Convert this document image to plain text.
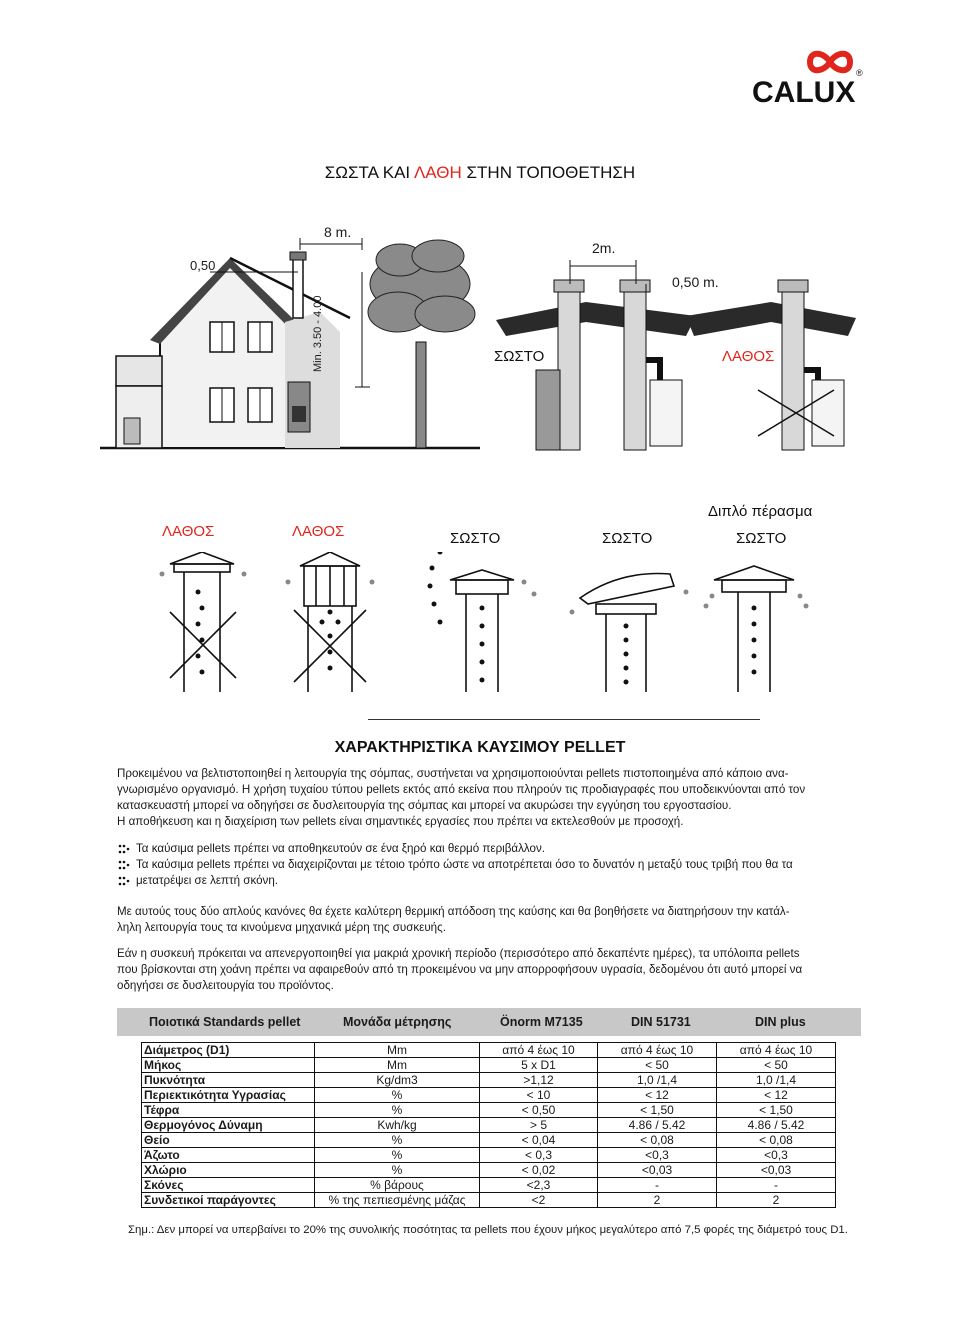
CALUX
®
ΣΩΣΤΑ ΚΑΙ ΛΑΘΗ ΣΤΗΝ ΤΟΠΟΘΕΤΗΣΗ
8 m.
0,50
Min. 3.50 - 4.00
2m.
0,50 m.
ΣΩΣΤΟ	ΛΑΘΟΣ
Διπλό πέρασμα
ΛΑΘΟΣ	ΛΑΘΟΣ	ΣΩΣΤΟ	ΣΩΣΤΟ	ΣΩΣΤΟ
ΧΑΡΑΚΤΗΡΙΣΤΙΚΑ ΚΑΥΣΙΜΟΥ PELLET
Προκειμένου να βελτιστοποιηθεί η λειτουργία της σόμπας, συστήνεται να χρησιμοποιούνται pellets πιστοποιημένα από κάποιο ανα-
γνωρισμένο οργανισμό. Η χρήση τυχαίου τύπου pellets εκτός από εκείνα που πληρούν τις προδιαγραφές που υποδεικνύονται από τον
κατασκευαστή μπορεί να οδηγήσει σε δυσλειτουργία της σόμπας και μπορεί να ακυρώσει την εγγύηση του εργοστασίου.
Η αποθήκευση και η διαχείριση των pellets είναι σημαντικές εργασίες που πρέπει να εκτελεσθούν με προσοχή.
Τα καύσιμα pellets πρέπει να αποθηκευτούν σε ένα ξηρό και θερμό περιβάλλον.
Τα καύσιμα pellets πρέπει να διαχειρίζονται με τέτοιο τρόπο ώστε να αποτρέπεται όσο το δυνατόν η μεταξύ τους τριβή που θα τα
μετατρέψει σε λεπτή σκόνη.
Με αυτούς τους δύο απλούς κανόνες θα έχετε καλύτερη θερμική απόδοση της καύσης και θα βοηθήσετε να διατηρήσουν την κατάλ-
ληλη λειτουργία τους τα κινούμενα μηχανικά μέρη της συσκευής.
Εάν η συσκευή πρόκειται να απενεργοποιηθεί για μακριά χρονική περίοδο (περισσότερο από δεκαπέντε ημέρες), τα υπόλοιπα pellets
που βρίσκονται στη χοάνη πρέπει να αφαιρεθούν από τη προκειμένου να μην απορροφήσουν υγρασία, δεδομένου ότι αυτό μπορεί να
οδηγήσει σε δυσλειτουργία του προϊόντος.
Ποιοτικά Standards pellet	Μονάδα μέτρησης	Önorm M7135	DIN 51731	DIN plus
Διάμετρος (D1)	Mm	από 4 έως 10	από 4 έως 10	από 4 έως 10
Μήκος	Mm	5 x D1	< 50	< 50
Πυκνότητα	Kg/dm3	>1,12	1,0 /1,4	1,0 /1,4
Περιεκτικότητα Υγρασίας	%	< 10	< 12	< 12
Τέφρα	%	< 0,50	< 1,50	< 1,50
Θερμογόνος Δύναμη	Kwh/kg	> 5	4.86 / 5.42	4.86 / 5.42
Θείο	%	< 0,04	< 0,08	< 0,08
Άζωτο	%	< 0,3	<0,3	<0,3
Χλώριο	%	< 0,02	<0,03	<0,03
Σκόνες	% βάρους	<2,3	-	-
Συνδετικοί παράγοντες	% της πεπιεσμένης μάζας	<2	2	2
Σημ.: Δεν μπορεί να υπερβαίνει το 20% της συνολικής ποσότητας τα pellets που έχουν μήκος μεγαλύτερο από 7,5 φορές της διάμετρό τους D1.
